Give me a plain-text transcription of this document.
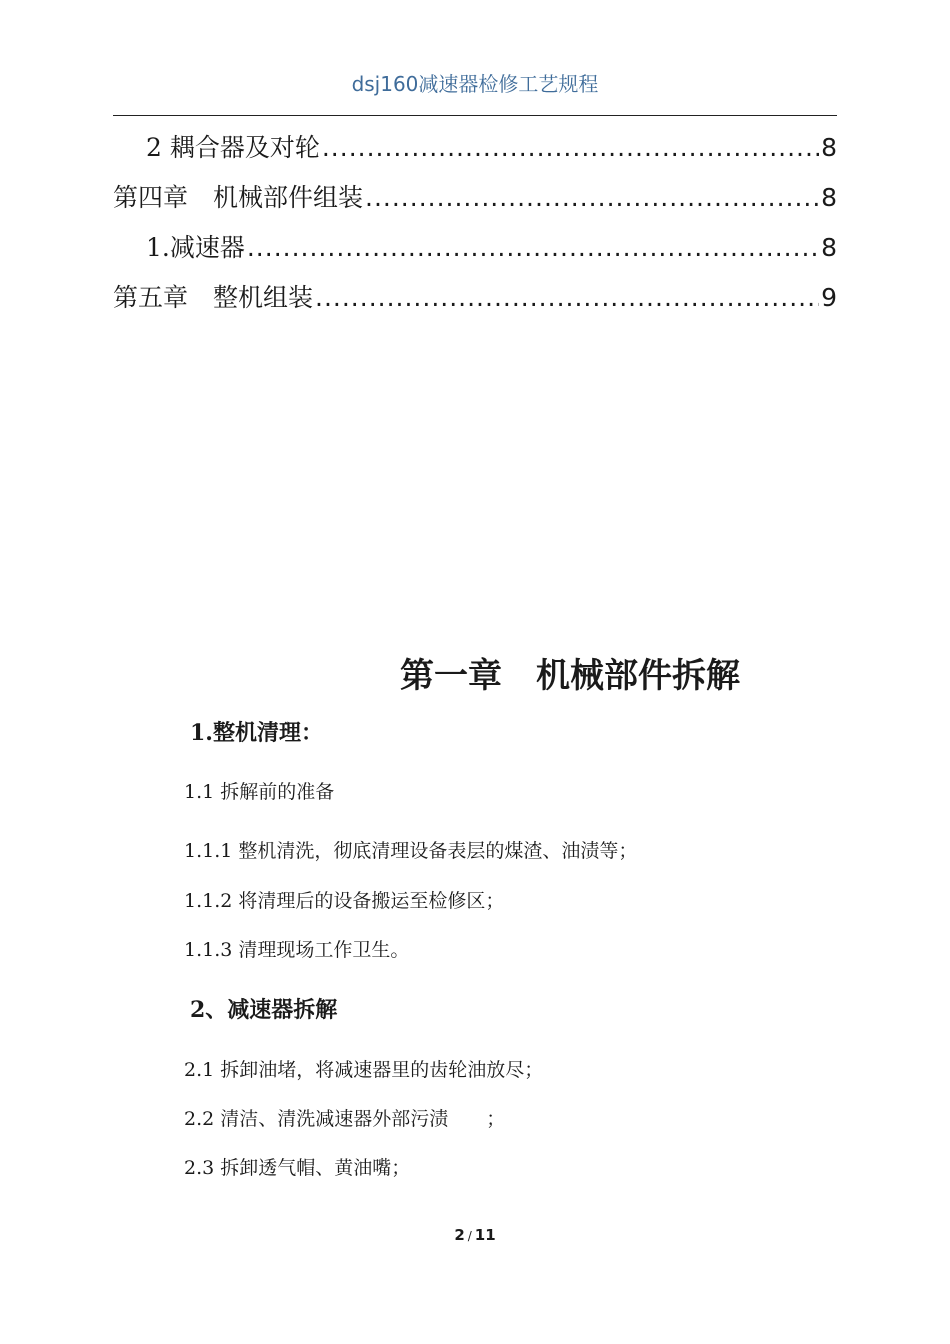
dsj160减速器检修工艺规程
2 耦合器及对轮 .....	8
第四章　机械部件组装 .....	8
1.减速器 .....	8
第五章　整机组装 .....	9
第一章　机械部件拆解
1.整机清理：
1.1 拆解前的准备
1.1.1 整机清洗，彻底清理设备表层的煤渣、油渍等；
1.1.2 将清理后的设备搬运至检修区；
1.1.3 清理现场工作卫生。
2、减速器拆解
2.1 拆卸油堵，将减速器里的齿轮油放尽；
2.2 清洁、清洗减速器外部污渍　　；
2.3 拆卸透气帽、黄油嘴；
2 / 11
